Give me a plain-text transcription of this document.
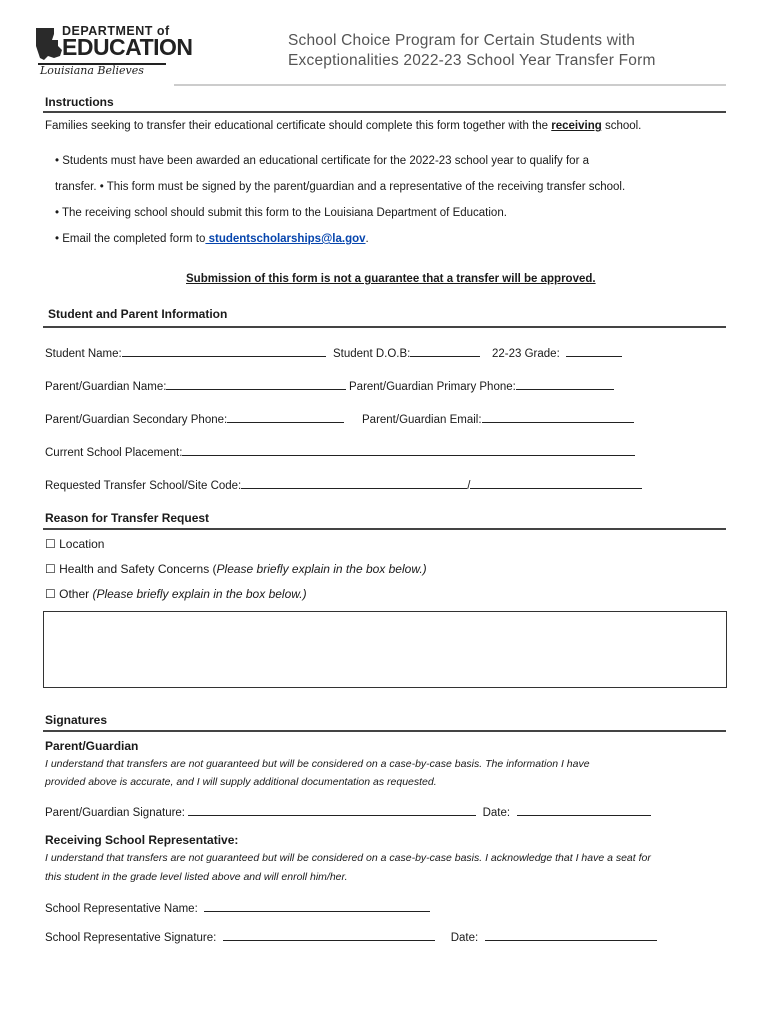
DEPARTMENT of
EDUCATION
Louisiana Believes
School Choice Program for Certain Students with
Exceptionalities 2022-23 School Year Transfer Form
Instructions
Families seeking to transfer their educational certificate should complete this form together with the receiving school.
• Students must have been awarded an educational certificate for the 2022-23 school year to qualify for a
transfer. • This form must be signed by the parent/guardian and a representative of the receiving transfer school.
• The receiving school should submit this form to the Louisiana Department of Education.
• Email the completed form to studentscholarships@la.gov.
Submission of this form is not a guarantee that a transfer will be approved.
Student and Parent Information
Student Name:	Student D.O.B:	22-23 Grade:
Parent/Guardian Name:	Parent/Guardian Primary Phone:
Parent/Guardian Secondary Phone:	Parent/Guardian Email:
Current School Placement:
Requested Transfer School/Site Code:	/
Reason for Transfer Request
☐ Location
☐ Health and Safety Concerns (Please briefly explain in the box below.)
☐ Other (Please briefly explain in the box below.)
Signatures
Parent/Guardian
I understand that transfers are not guaranteed but will be considered on a case-by-case basis. The information I have
provided above is accurate, and I will supply additional documentation as requested.
Parent/Guardian Signature:	Date:
Receiving School Representative:
I understand that transfers are not guaranteed but will be considered on a case-by-case basis. I acknowledge that I have a seat for
this student in the grade level listed above and will enroll him/her.
School Representative Name:
School Representative Signature:	Date:
